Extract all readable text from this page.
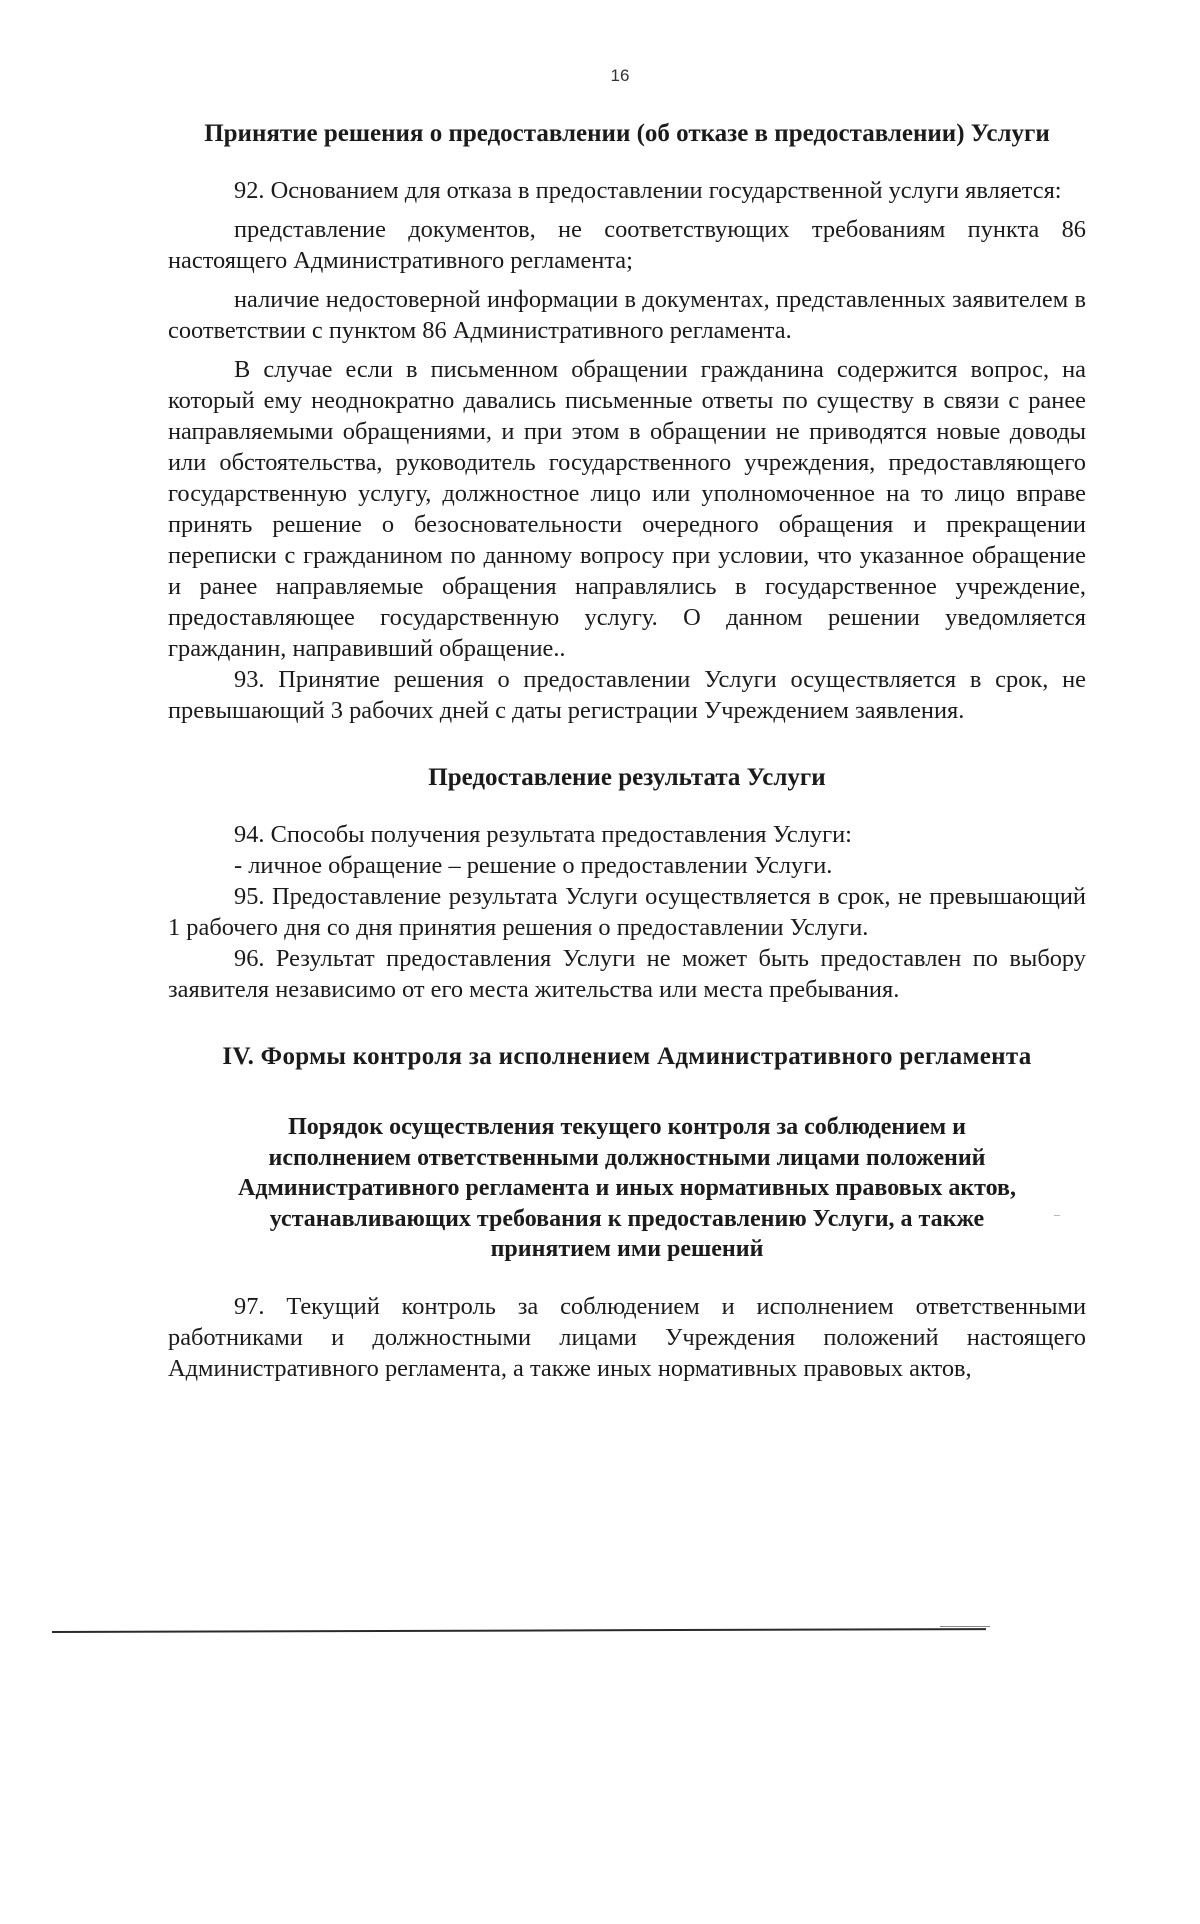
16
Принятие решения о предоставлении (об отказе в предоставлении) Услуги

92. Основанием для отказа в предоставлении государственной услуги является:

представление документов, не соответствующих требованиям пункта 86 настоящего Административного регламента;

наличие недостоверной информации в документах, представленных заявителем в соответствии с пунктом 86 Административного регламента.

В случае если в письменном обращении гражданина содержится вопрос, на который ему неоднократно давались письменные ответы по существу в связи с ранее направляемыми обращениями, и при этом в обращении не приводятся новые доводы или обстоятельства, руководитель государственного учреждения, предоставляющего государственную услугу, должностное лицо или уполномоченное на то лицо вправе принять решение о безосновательности очередного обращения и прекращении переписки с гражданином по данному вопросу при условии, что указанное обращение и ранее направляемые обращения направлялись в государственное учреждение, предоставляющее государственную услугу. О данном решении уведомляется гражданин, направивший обращение..

93. Принятие решения о предоставлении Услуги осуществляется в срок, не превышающий 3 рабочих дней с даты регистрации Учреждением заявления.

Предоставление результата Услуги

94. Способы получения результата предоставления Услуги:

- личное обращение – решение о предоставлении Услуги.

95. Предоставление результата Услуги осуществляется в срок, не превышающий 1 рабочего дня со дня принятия решения о предоставлении Услуги.

96. Результат предоставления Услуги не может быть предоставлен по выбору заявителя независимо от его места жительства или места пребывания.

IV. Формы контроля за исполнением Административного регламента
Порядок осуществления текущего контроля за соблюдением и
исполнением ответственными должностными лицами положений
Административного регламента и иных нормативных правовых актов,
устанавливающих требования к предоставлению Услуги, а также
принятием ими решений

97. Текущий контроль за соблюдением и исполнением ответственными работниками и должностными лицами Учреждения положений настоящего Административного регламента, а также иных нормативных правовых актов,
